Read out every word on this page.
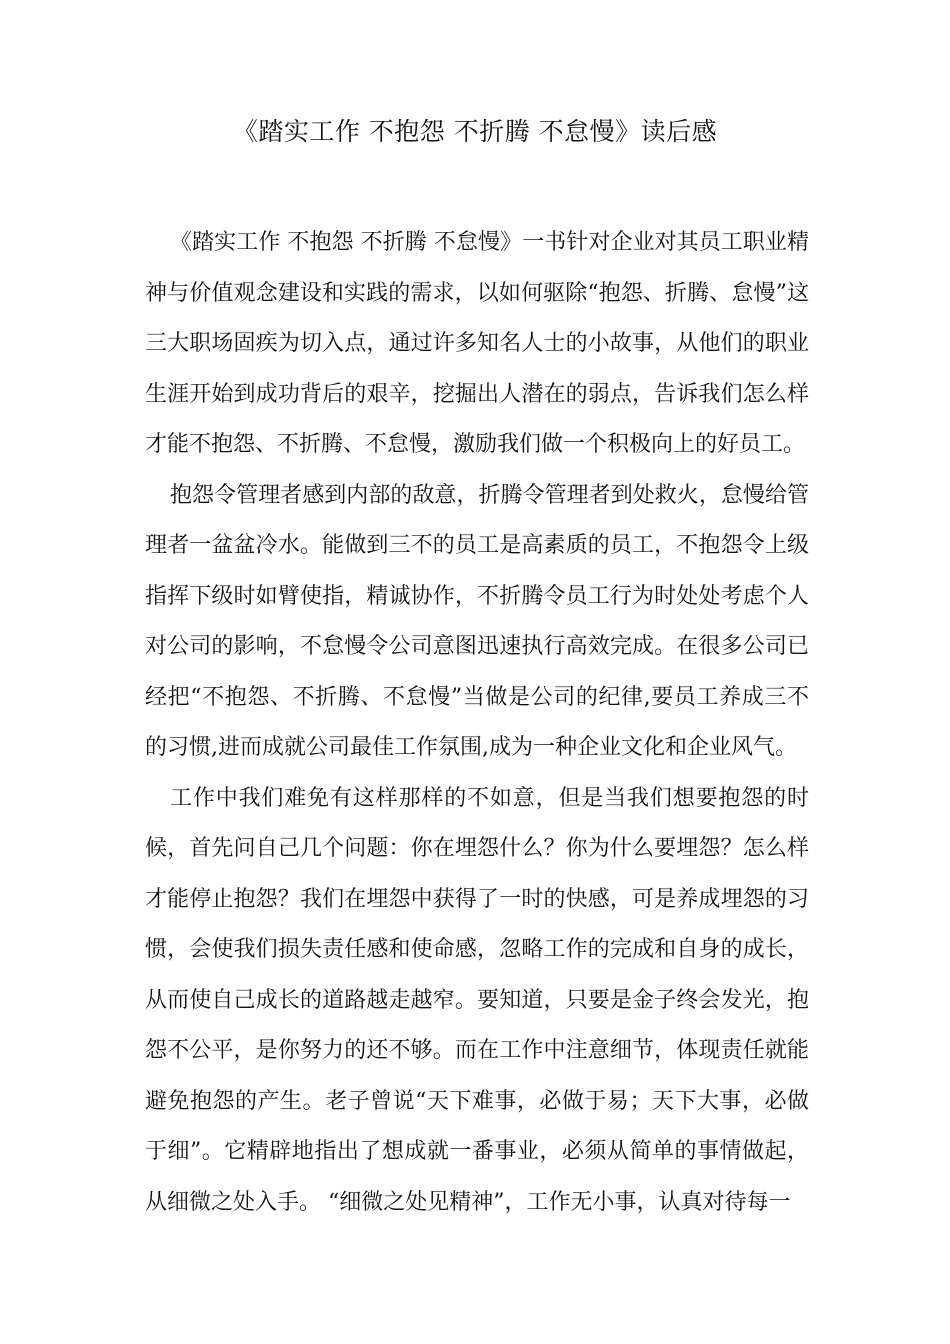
《踏实工作 不抱怨 不折腾 不怠慢》读后感

《踏实工作 不抱怨 不折腾 不怠慢》一书针对企业对其员工职业精神与价值观念建设和实践的需求，以如何驱除“抱怨、折腾、怠慢”这三大职场固疾为切入点，通过许多知名人士的小故事，从他们的职业生涯开始到成功背后的艰辛，挖掘出人潜在的弱点，告诉我们怎么样才能不抱怨、不折腾、不怠慢，激励我们做一个积极向上的好员工。

抱怨令管理者感到内部的敌意，折腾令管理者到处救火，怠慢给管理者一盆盆冷水。能做到三不的员工是高素质的员工，不抱怨令上级指挥下级时如臂使指，精诚协作，不折腾令员工行为时处处考虑个人对公司的影响，不怠慢令公司意图迅速执行高效完成。在很多公司已经把“不抱怨、不折腾、不怠慢”当做是公司的纪律,要员工养成三不的习惯,进而成就公司最佳工作氛围,成为一种企业文化和企业风气。

工作中我们难免有这样那样的不如意，但是当我们想要抱怨的时候，首先问自己几个问题：你在埋怨什么？你为什么要埋怨？怎么样才能停止抱怨？我们在埋怨中获得了一时的快感，可是养成埋怨的习惯，会使我们损失责任感和使命感，忽略工作的完成和自身的成长，从而使自己成长的道路越走越窄。要知道，只要是金子终会发光，抱怨不公平，是你努力的还不够。而在工作中注意细节，体现责任就能避免抱怨的产生。老子曾说“天下难事，必做于易；天下大事，必做于细”。它精辟地指出了想成就一番事业，必须从简单的事情做起，从细微之处入手。 “细微之处见精神”，工作无小事，认真对待每一
